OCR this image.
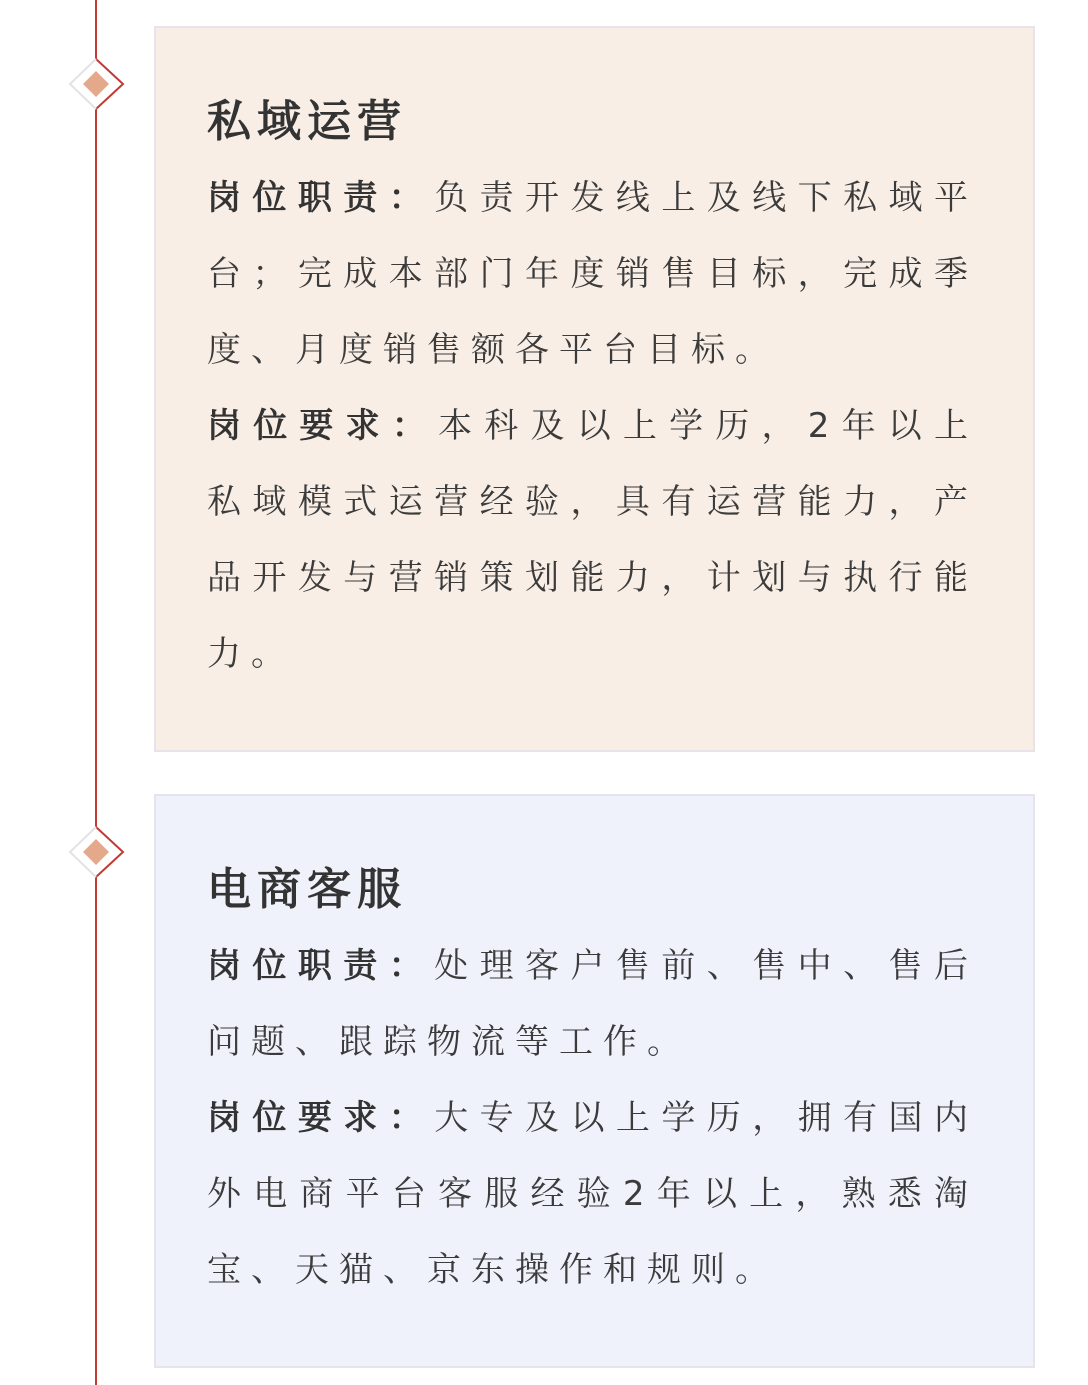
私域运营

岗位职责：负责开发线上及线下私域平台；完成本部门年度销售目标，完成季度、月度销售额各平台目标。

岗位要求：本科及以上学历，2年以上私域模式运营经验，具有运营能力，产品开发与营销策划能力，计划与执行能力。

电商客服

岗位职责：处理客户售前、售中、售后问题、跟踪物流等工作。

岗位要求：大专及以上学历，拥有国内外电商平台客服经验2年以上，熟悉淘宝、天猫、京东操作和规则。
